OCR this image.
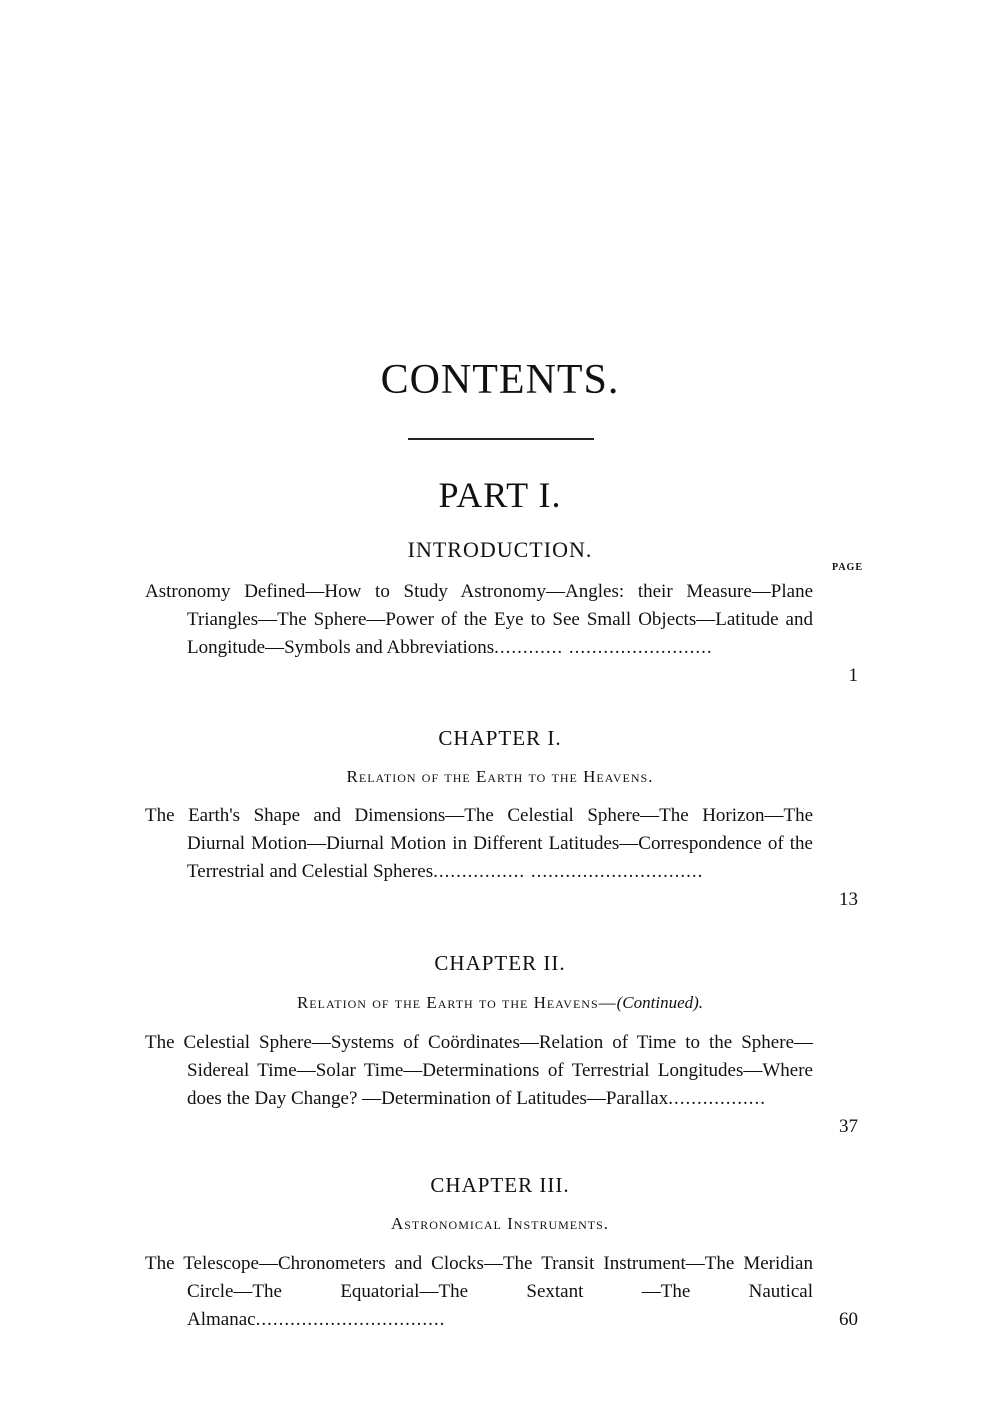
CONTENTS.
PART I.
INTRODUCTION.
PAGE
Astronomy Defined—How to Study Astronomy—Angles: their Measure—Plane Triangles—The Sphere—Power of the Eye to See Small Objects—Latitude and Longitude—Symbols and Abbreviations............ .........................
1
CHAPTER I.
Relation of the Earth to the Heavens.
The Earth's Shape and Dimensions—The Celestial Sphere—The Horizon—The Diurnal Motion—Diurnal Motion in Different Latitudes—Correspondence of the Terrestrial and Celestial Spheres................ ..............................
13
CHAPTER II.
Relation of the Earth to the Heavens—(Continued).
The Celestial Sphere—Systems of Coördinates—Relation of Time to the Sphere—Sidereal Time—Solar Time—Determinations of Terrestrial Longitudes—Where does the Day Change? —Determination of Latitudes—Parallax.................
37
CHAPTER III.
Astronomical Instruments.
The Telescope—Chronometers and Clocks—The Transit Instrument—The Meridian Circle—The Equatorial—The Sextant —The Nautical Almanac.................................	60
